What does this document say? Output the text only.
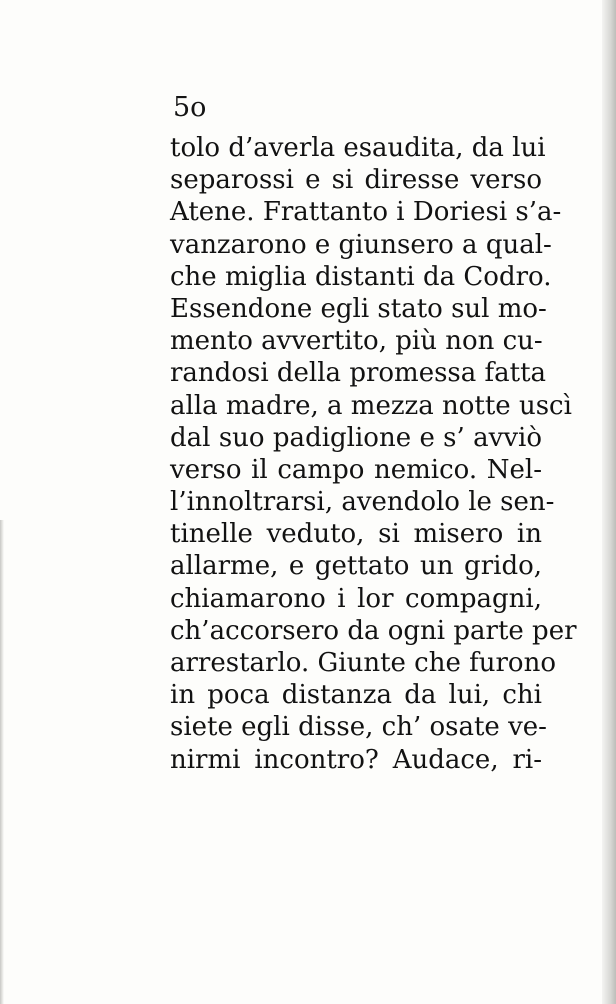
5o

tolo d’averla esaudita, da lui
separossi e si diresse verso
Atene. Frattanto i Doriesi s’a-
vanzarono e giunsero a qual-
che miglia distanti da Codro.
Essendone egli stato sul mo-
mento avvertito, più non cu-
randosi della promessa fatta
alla madre, a mezza notte uscì
dal suo padiglione e s’ avviò
verso il campo nemico. Nel-
l’innoltrarsi, avendolo le sen-
tinelle veduto, si misero in
allarme, e gettato un grido,
chiamarono i lor compagni,
ch’accorsero da ogni parte per
arrestarlo. Giunte che furono
in poca distanza da lui, chi
siete egli disse, ch’ osate ve-
nirmi incontro? Audace, ri-
